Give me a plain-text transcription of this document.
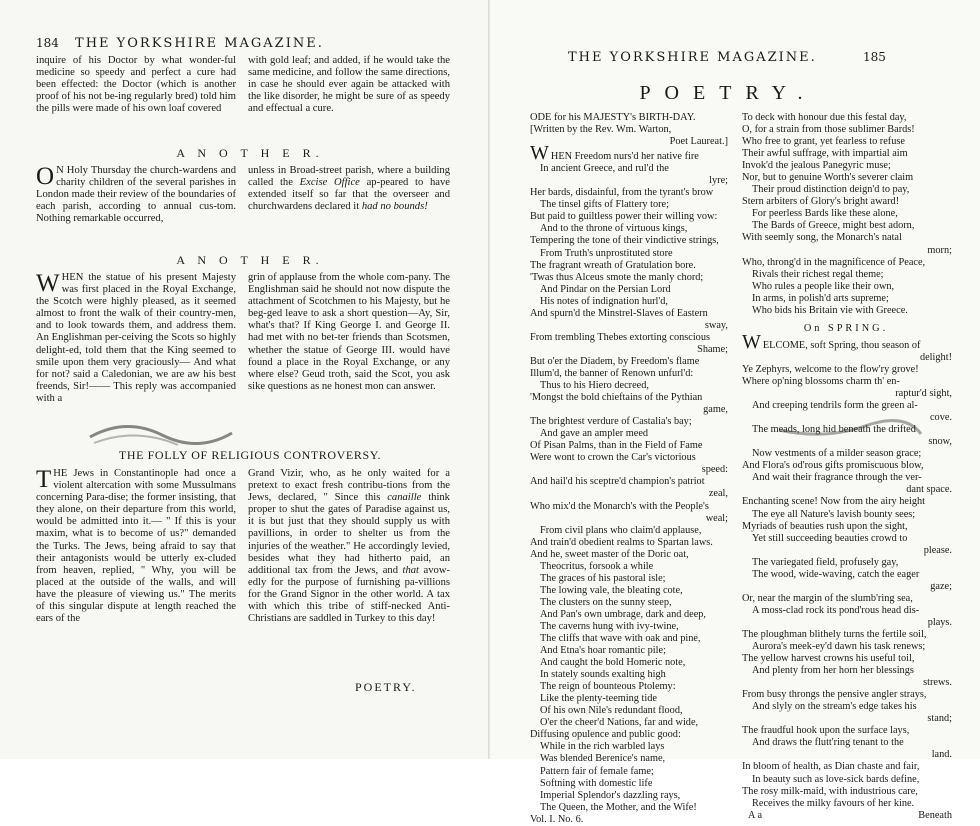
184 THE YORKSHIRE MAGAZINE.

inquire of his Doctor by what wonder-ful medicine so speedy and perfect a cure had been effected: the Doctor (which is another proof of his not be-ing regularly bred) told him the pills were made of his own loaf covered

with gold leaf; and added, if he would take the same medicine, and follow the same directions, in case he should ever again be attacked with the like disorder, he might be sure of as speedy and effectual a cure.

A N O T H E R.
O N Holy Thursday the church-wardens and charity children of the several parishes in London made their review of the boundaries of each parish, according to annual cus-tom. Nothing remarkable occurred,
unless in Broad-street parish, where a building called the Excise Office ap-peared to have extended itself so far that the overseer and churchwardens declared it had no bounds!
A N O T H E R.
W HEN the statue of his present Majesty was first placed in the Royal Exchange, the Scotch were highly pleased, as it seemed almost to front the walk of their country-men, and to look towards them, and address them. An Englishman per-ceiving the Scots so highly delight-ed, told them that the King seemed to smile upon them very graciously— And what for not? said a Caledonian, we are aw his best freends, Sir!—— This reply was accompanied with a
grin of applause from the whole com-pany. The Englishman said he should not now dispute the attachment of Scotchmen to his Majesty, but he beg-ged leave to ask a short question—Ay, Sir, what's that? If King George I. and George II. had met with no bet-ter friends than Scotsmen, whether the statue of George III. would have found a place in the Royal Exchange, or any where else? Geud troth, said the Scot, you ask sike questions as ne honest mon can answer.
THE FOLLY OF RELIGIOUS CONTROVERSY.
T HE Jews in Constantinople had once a violent altercation with some Mussulmans concerning Para-dise; the former insisting, that they alone, on their departure from this world, would be admitted into it.— " If this is your maxim, what is to become of us?" demanded the Turks. The Jews, being afraid to say that their antagonists would be utterly ex-cluded from heaven, replied, " Why, you will be placed at the outside of the walls, and will have the pleasure of viewing us." The merits of this singular dispute at length reached the ears of the
Grand Vizir, who, as he only waited for a pretext to exact fresh contribu-tions from the Jews, declared, " Since this canaille think proper to shut the gates of Paradise against us, it is but just that they should supply us with pavillions, in order to shelter us from the injuries of the weather." He accordingly levied, besides what they had hitherto paid, an additional tax from the Jews, and that avow-edly for the purpose of furnishing pa-villions for the Grand Signor in the other world. A tax with which this tribe of stiff-necked Anti-Christians are saddled in Turkey to this day!
POETRY.
THE YORKSHIRE MAGAZINE.	185
POETRY.
ODE for his MAJESTY's BIRTH-DAY.
[Written by the Rev. Wm. Warton,
Poet Laureat.]
WHEN Freedom nurs'd her native fire
In ancient Greece, and rul'd the
lyre;
Her bards, disdainful, from the tyrant's brow
The tinsel gifts of Flattery tore;
But paid to guiltless power their willing vow:
And to the throne of virtuous kings,
Tempering the tone of their vindictive strings,
From Truth's unprostituted store
The fragrant wreath of Gratulation bore.
'Twas thus Alceus smote the manly chord;
And Pindar on the Persian Lord
His notes of indignation hurl'd,
And spurn'd the Minstrel-Slaves of Eastern
sway,
From trembling Thebes extorting conscious
Shame;
But o'er the Diadem, by Freedom's flame
Illum'd, the banner of Renown unfurl'd:
Thus to his Hiero decreed,
'Mongst the bold chieftains of the Pythian
game,
The brightest verdure of Castalia's bay;
And gave an ampler meed
Of Pisan Palms, than in the Field of Fame
Were wont to crown the Car's victorious
speed:
And hail'd his sceptre'd champion's patriot
zeal,
Who mix'd the Monarch's with the People's
weal;
From civil plans who claim'd applause,
And train'd obedient realms to Spartan laws.
And he, sweet master of the Doric oat,
Theocritus, forsook a while
The graces of his pastoral isle;
The lowing vale, the bleating cote,
The clusters on the sunny steep,
And Pan's own umbrage, dark and deep,
The caverns hung with ivy-twine,
The cliffs that wave with oak and pine,
And Etna's hoar romantic pile;
And caught the bold Homeric note,
In stately sounds exalting high
The reign of bounteous Ptolemy:
Like the plenty-teeming tide
Of his own Nile's redundant flood,
O'er the cheer'd Nations, far and wide,
Diffusing opulence and public good:
While in the rich warbled lays
Was blended Berenice's name,
Pattern fair of female fame;
Softning with domestic life
Imperial Splendor's dazzling rays,
The Queen, the Mother, and the Wife!
Vol. I. No. 6.
To deck with honour due this festal day,
O, for a strain from those sublimer Bards!
Who free to grant, yet fearless to refuse
Their awful suffrage, with impartial aim
Invok'd the jealous Panegyric muse;
Nor, but to genuine Worth's severer claim
Their proud distinction deign'd to pay,
Stern arbiters of Glory's bright award!
For peerless Bards like these alone,
The Bards of Greece, might best adorn,
With seemly song, the Monarch's natal
morn;
Who, throng'd in the magnificence of Peace,
Rivals their richest regal theme;
Who rules a people like their own,
In arms, in polish'd arts supreme;
Who bids his Britain vie with Greece.
On SPRING.
WELCOME, soft Spring, thou season of
delight!
Ye Zephyrs, welcome to the flow'ry grove!
Where op'ning blossoms charm th' en-
raptur'd sight,
And creeping tendrils form the green al-
cove.
The meads, long hid beneath the drifted
snow,
Now vestments of a milder season grace;
And Flora's od'rous gifts promiscuous blow,
And wait their fragrance through the ver-
dant space.
Enchanting scene! Now from the airy height
The eye all Nature's lavish bounty sees;
Myriads of beauties rush upon the sight,
Yet still succeeding beauties crowd to
please.
The variegated field, profusely gay,
The wood, wide-waving, catch the eager
gaze;
Or, near the margin of the slumb'ring sea,
A moss-clad rock its pond'rous head dis-
plays.
The ploughman blithely turns the fertile soil,
Aurora's meek-ey'd dawn his task renews;
The yellow harvest crowns his useful toil,
And plenty from her horn her blessings
strews.
From busy throngs the pensive angler strays,
And slyly on the stream's edge takes his
stand;
The fraudful hook upon the surface lays,
And draws the flutt'ring tenant to the
land.
In bloom of health, as Dian chaste and fair,
In beauty such as love-sick bards define,
The rosy milk-maid, with industrious care,
Receives the milky favours of her kine.
A a	Beneath
